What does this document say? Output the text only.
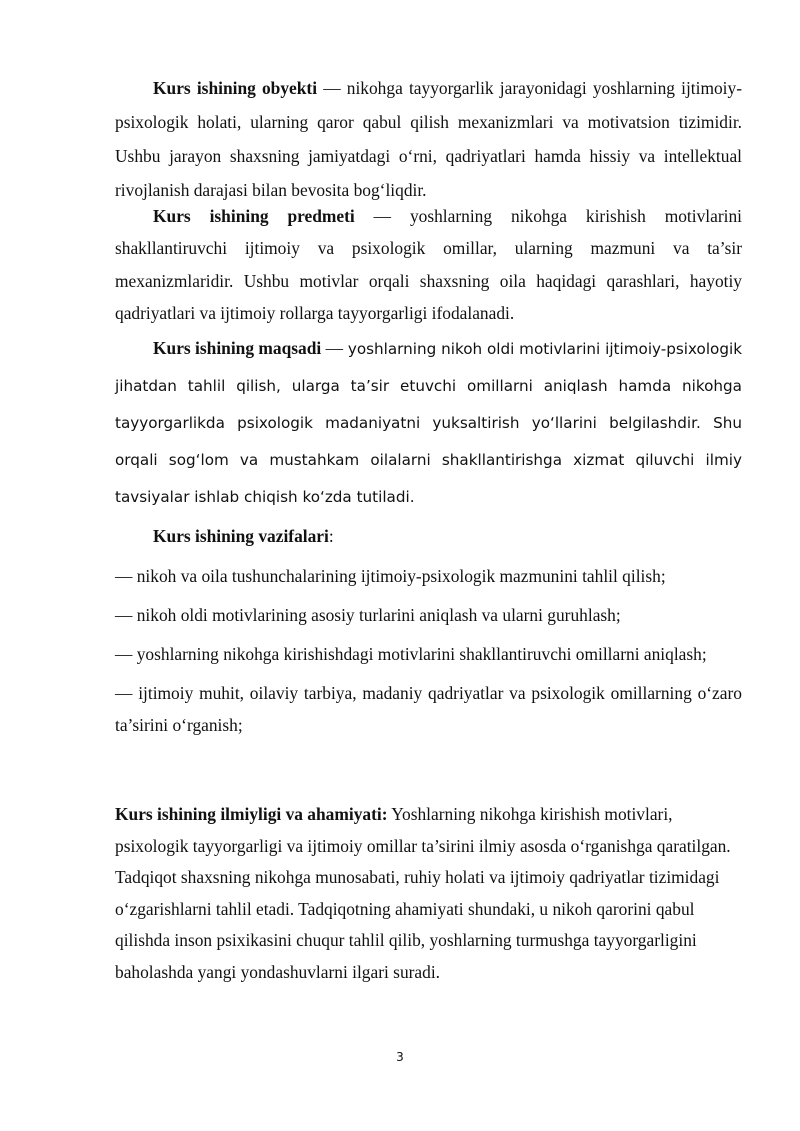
Kurs ishining obyekti — nikohga tayyorgarlik jarayonidagi yoshlarning ijtimoiy-psixologik holati, ularning qaror qabul qilish mexanizmlari va motivatsion tizimidir. Ushbu jarayon shaxsning jamiyatdagi o‘rni, qadriyatlari hamda hissiy va intellektual rivojlanish darajasi bilan bevosita bog‘liqdir.

Kurs ishining predmeti — yoshlarning nikohga kirishish motivlarini shakllantiruvchi ijtimoiy va psixologik omillar, ularning mazmuni va ta’sir mexanizmlaridir. Ushbu motivlar orqali shaxsning oila haqidagi qarashlari, hayotiy qadriyatlari va ijtimoiy rollarga tayyorgarligi ifodalanadi.

Kurs ishining maqsadi — yoshlarning nikoh oldi motivlarini ijtimoiy-psixologik jihatdan tahlil qilish, ularga ta’sir etuvchi omillarni aniqlash hamda nikohga tayyorgarlikda psixologik madaniyatni yuksaltirish yo‘llarini belgilashdir. Shu orqali sog‘lom va mustahkam oilalarni shakllantirishga xizmat qiluvchi ilmiy tavsiyalar ishlab chiqish ko‘zda tutiladi.

Kurs ishining vazifalari:

— nikoh va oila tushunchalarining ijtimoiy-psixologik mazmunini tahlil qilish;

— nikoh oldi motivlarining asosiy turlarini aniqlash va ularni guruhlash;

— yoshlarning nikohga kirishishdagi motivlarini shakllantiruvchi omillarni aniqlash;

— ijtimoiy muhit, oilaviy tarbiya, madaniy qadriyatlar va psixologik omillarning o‘zaro ta’sirini o‘rganish;

Kurs ishining ilmiyligi va ahamiyati: Yoshlarning nikohga kirishish motivlari, psixologik tayyorgarligi va ijtimoiy omillar ta’sirini ilmiy asosda o‘rganishga qaratilgan. Tadqiqot shaxsning nikohga munosabati, ruhiy holati va ijtimoiy qadriyatlar tizimidagi o‘zgarishlarni tahlil etadi. Tadqiqotning ahamiyati shundaki, u nikoh qarorini qabul qilishda inson psixikasini chuqur tahlil qilib, yoshlarning turmushga tayyorgarligini baholashda yangi yondashuvlarni ilgari suradi.

3
